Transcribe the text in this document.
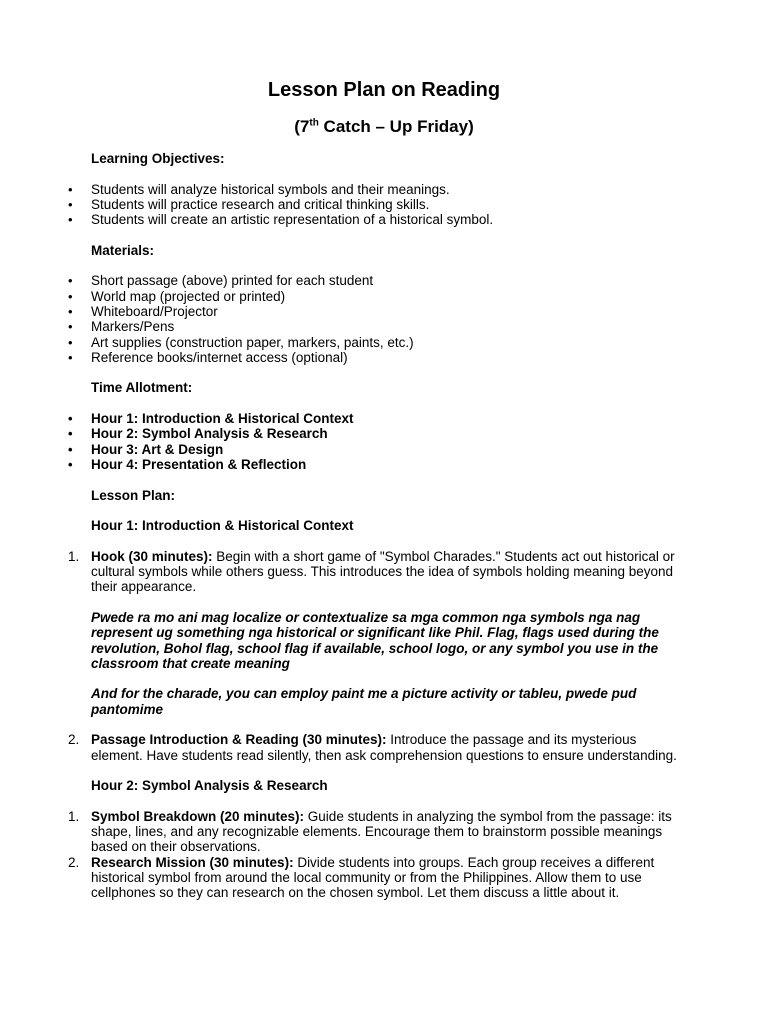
Lesson Plan on Reading
(7th Catch – Up Friday)

Learning Objectives:

• Students will analyze historical symbols and their meanings.
• Students will practice research and critical thinking skills.
• Students will create an artistic representation of a historical symbol.

Materials:

• Short passage (above) printed for each student
• World map (projected or printed)
• Whiteboard/Projector
• Markers/Pens
• Art supplies (construction paper, markers, paints, etc.)
• Reference books/internet access (optional)

Time Allotment:

• Hour 1: Introduction & Historical Context
• Hour 2: Symbol Analysis & Research
• Hour 3: Art & Design
• Hour 4: Presentation & Reflection

Lesson Plan:

Hour 1: Introduction & Historical Context

1. Hook (30 minutes): Begin with a short game of "Symbol Charades." Students act out historical or cultural symbols while others guess. This introduces the idea of symbols holding meaning beyond their appearance.

Pwede ra mo ani mag localize or contextualize sa mga common nga symbols nga nag represent ug something nga historical or significant like Phil. Flag, flags used during the revolution, Bohol flag, school flag if available, school logo, or any symbol you use in the classroom that create meaning

And for the charade, you can employ paint me a picture activity or tableu, pwede pud pantomime

2. Passage Introduction & Reading (30 minutes): Introduce the passage and its mysterious element. Have students read silently, then ask comprehension questions to ensure understanding.

Hour 2: Symbol Analysis & Research

1. Symbol Breakdown (20 minutes): Guide students in analyzing the symbol from the passage: its shape, lines, and any recognizable elements. Encourage them to brainstorm possible meanings based on their observations.
2. Research Mission (30 minutes): Divide students into groups. Each group receives a different historical symbol from around the local community or from the Philippines. Allow them to use cellphones so they can research on the chosen symbol. Let them discuss a little about it.
